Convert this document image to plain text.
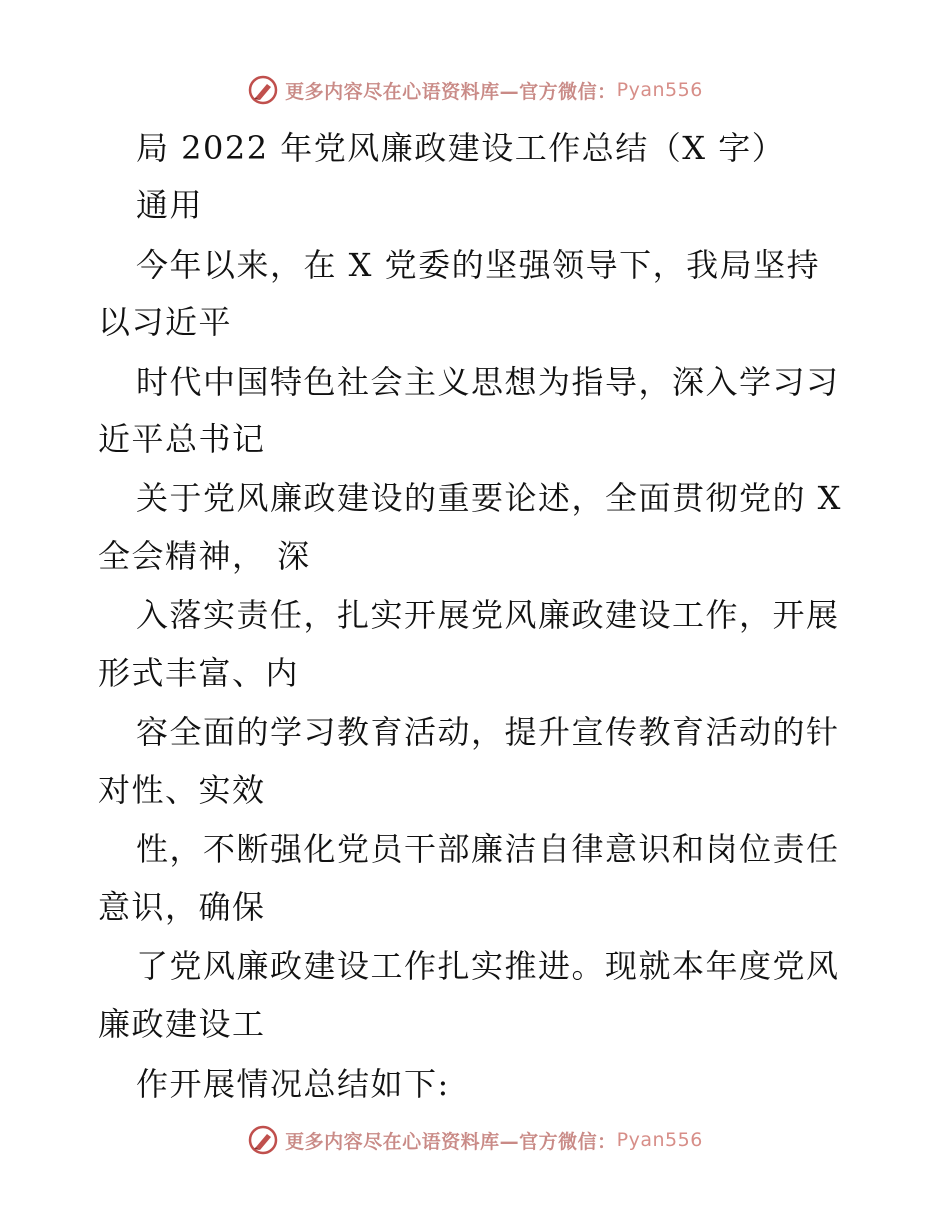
更多内容尽在心语资料库—官方微信： Pyan556
局 2022 年党风廉政建设工作总结（X 字）
通用
今年以来，在 X 党委的坚强领导下，我局坚持
以习近平
时代中国特色社会主义思想为指导，深入学习习
近平总书记
关于党风廉政建设的重要论述，全面贯彻党的 X
全会精神， 深
入落实责任，扎实开展党风廉政建设工作，开展
形式丰富、内
容全面的学习教育活动，提升宣传教育活动的针
对性、实效
性，不断强化党员干部廉洁自律意识和岗位责任
意识，确保
了党风廉政建设工作扎实推进。现就本年度党风
廉政建设工
作开展情况总结如下:
更多内容尽在心语资料库—官方微信： Pyan556
